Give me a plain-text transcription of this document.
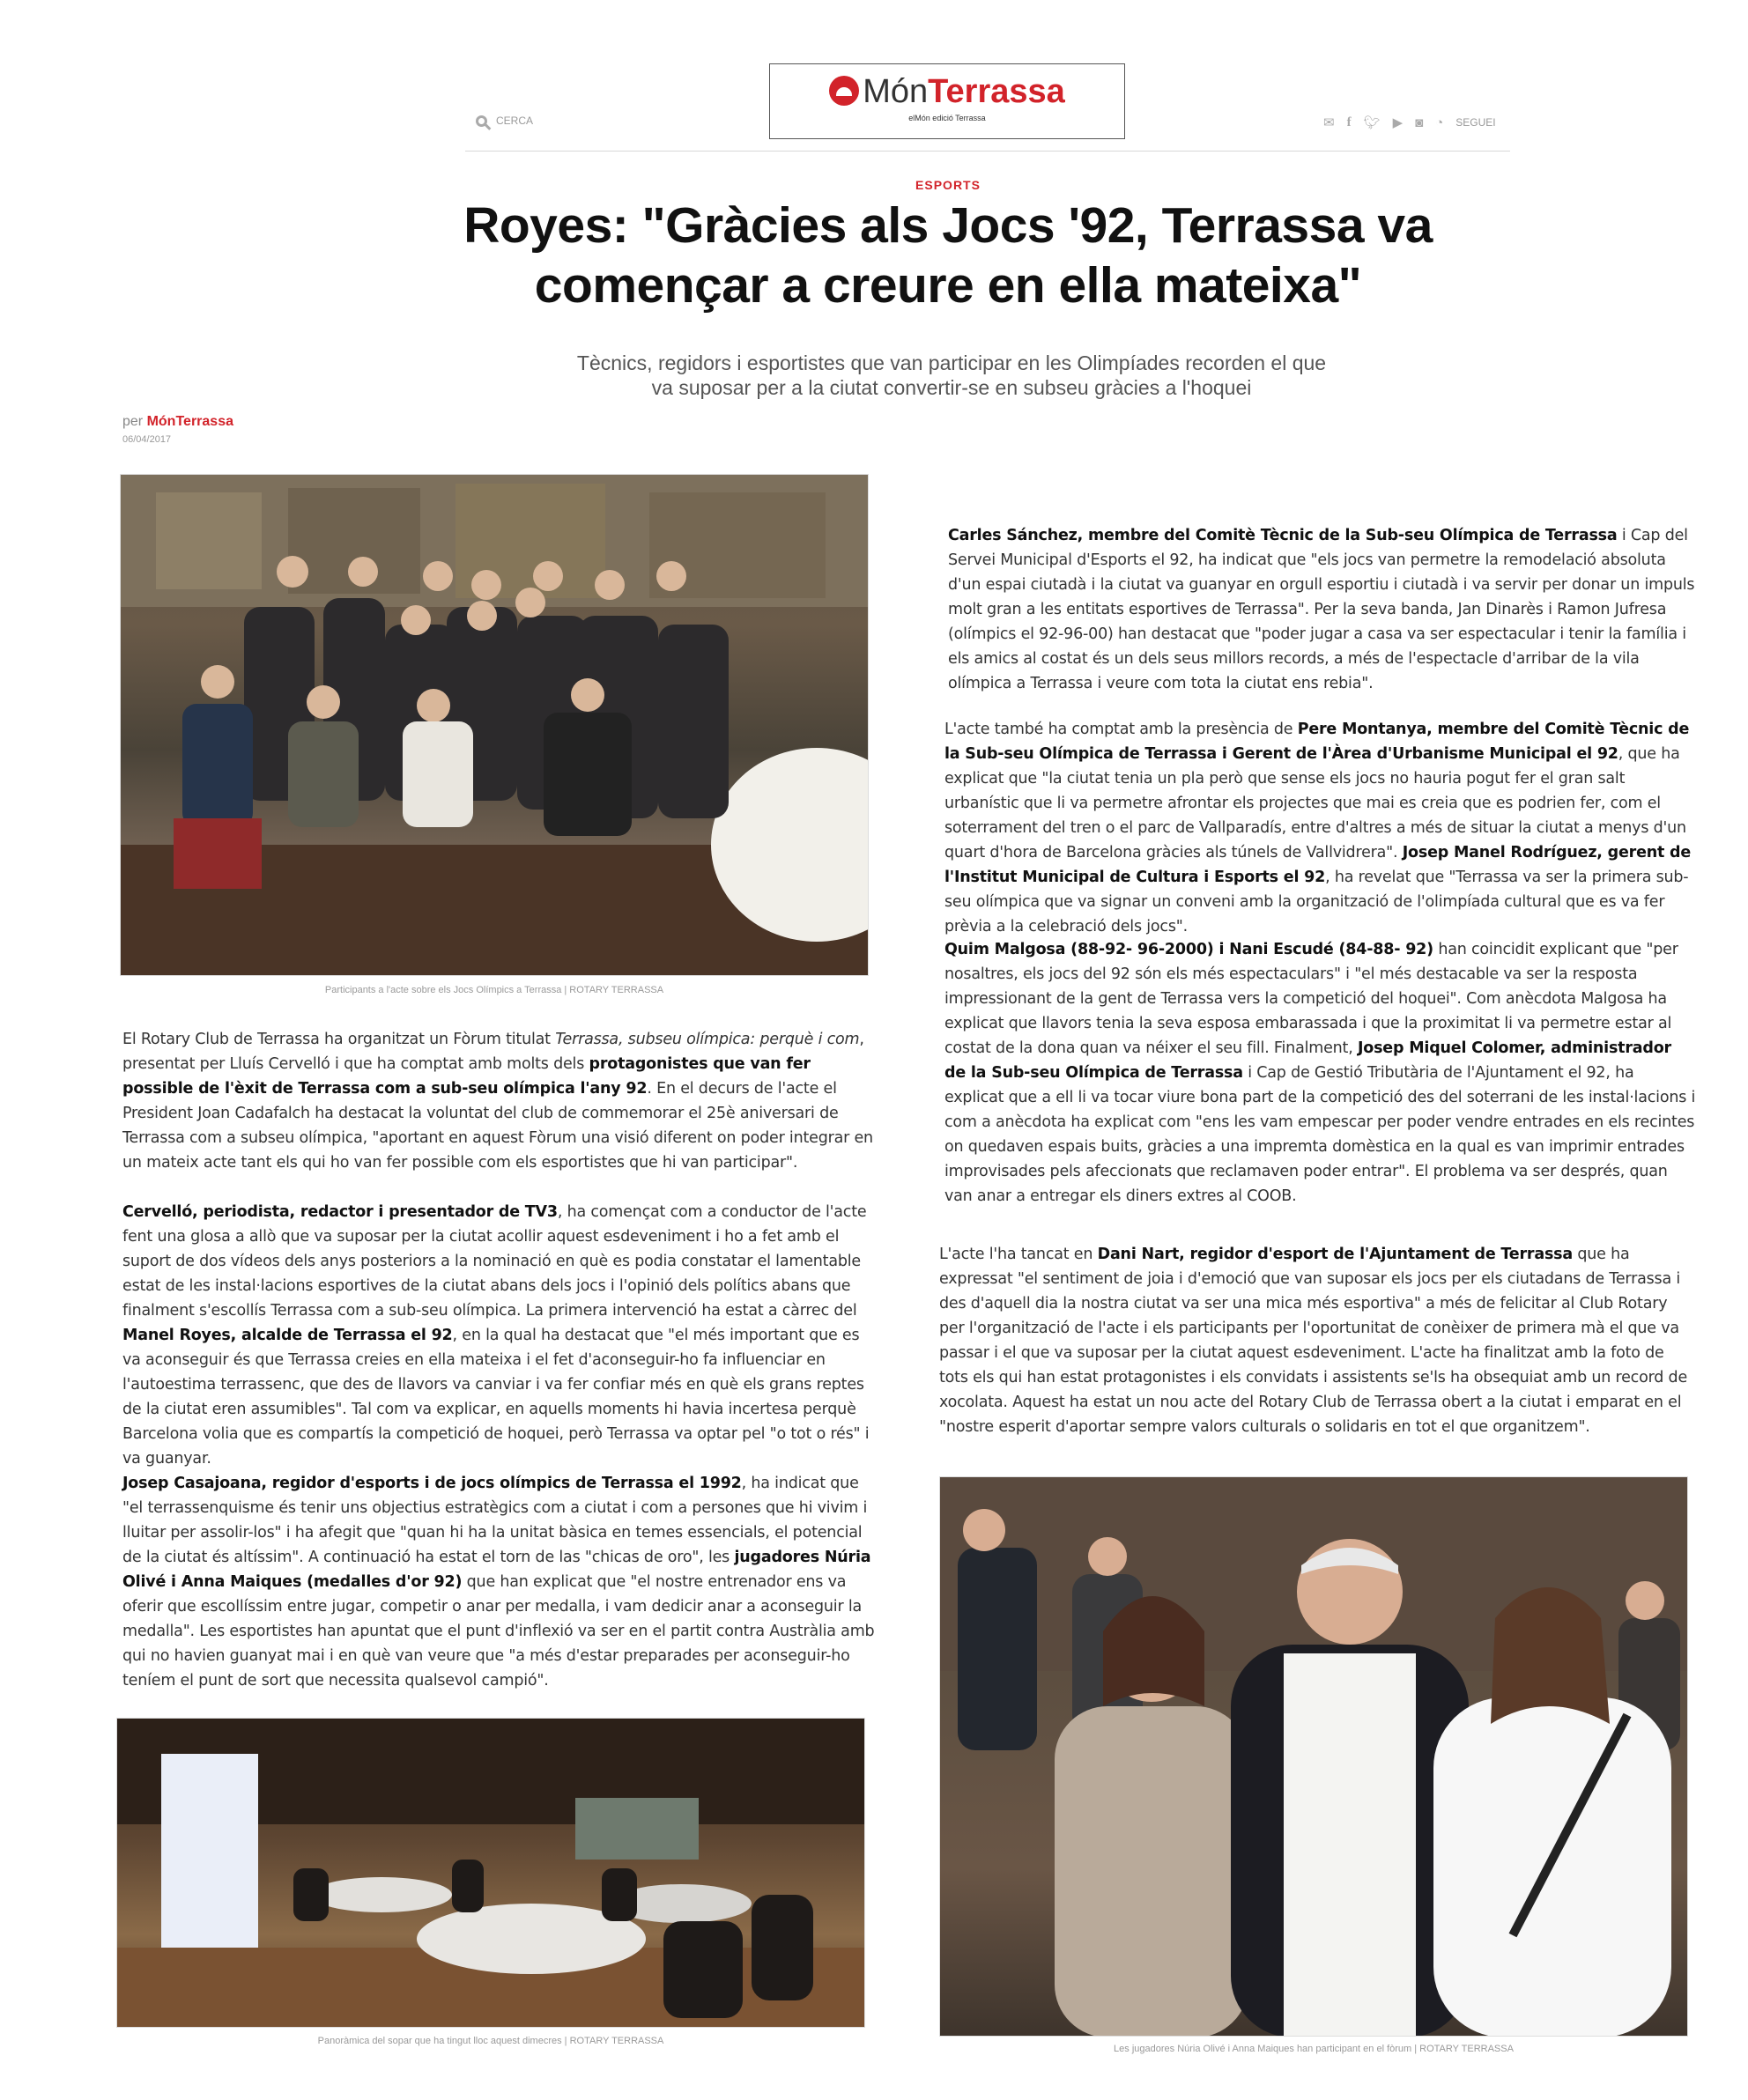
MónTerrassa
elMón edició Terrassa
CERCA	✉ f 🐦︎ ▶ ◙ ◔ SEGUEI
ESPORTS
Royes: "Gràcies als Jocs '92, Terrassa va començar a creure en ella mateixa"
Tècnics, regidors i esportistes que van participar en les Olimpíades recorden el que va suposar per a la ciutat convertir-se en subseu gràcies a l'hoquei
per MónTerrassa
06/04/2017
Participants a l'acte sobre els Jocs Olímpics a Terrassa | ROTARY TERRASSA
El Rotary Club de Terrassa ha organitzat un Fòrum titulat Terrassa, subseu olímpica: perquè i com, presentat per Lluís Cervelló i que ha comptat amb molts dels protagonistes que van fer possible de l'èxit de Terrassa com a sub-seu olímpica l'any 92. En el decurs de l'acte el President Joan Cadafalch ha destacat la voluntat del club de commemorar el 25è aniversari de Terrassa com a subseu olímpica, "aportant en aquest Fòrum una visió diferent on poder integrar en un mateix acte tant els qui ho van fer possible com els esportistes que hi van participar".
Cervelló, periodista, redactor i presentador de TV3, ha començat com a conductor de l'acte fent una glosa a allò que va suposar per la ciutat acollir aquest esdeveniment i ho a fet amb el suport de dos vídeos dels anys posteriors a la nominació en què es podia constatar el lamentable estat de les instal·lacions esportives de la ciutat abans dels jocs i l'opinió dels polítics abans que finalment s'escollís Terrassa com a sub-seu olímpica. La primera intervenció ha estat a càrrec del Manel Royes, alcalde de Terrassa el 92, en la qual ha destacat que "el més important que es va aconseguir és que Terrassa creies en ella mateixa i el fet d'aconseguir-ho fa influenciar en l'autoestima terrassenc, que des de llavors va canviar i va fer confiar més en què els grans reptes de la ciutat eren assumibles". Tal com va explicar, en aquells moments hi havia incertesa perquè Barcelona volia que es compartís la competició de hoquei, però Terrassa va optar pel "o tot o rés" i va guanyar.
Josep Casajoana, regidor d'esports i de jocs olímpics de Terrassa el 1992, ha indicat que "el terrassenquisme és tenir uns objectius estratègics com a ciutat i com a persones que hi vivim i lluitar per assolir-los" i ha afegit que "quan hi ha la unitat bàsica en temes essencials, el potencial de la ciutat és altíssim". A continuació ha estat el torn de las "chicas de oro", les jugadores Núria Olivé i Anna Maiques (medalles d'or 92) que han explicat que "el nostre entrenador ens va oferir que escollíssim entre jugar, competir o anar per medalla, i vam dedicir anar a aconseguir la medalla". Les esportistes han apuntat que el punt d'inflexió va ser en el partit contra Austràlia amb qui no havien guanyat mai i en què van veure que "a més d'estar preparades per aconseguir-ho teníem el punt de sort que necessita qualsevol campió".
Panoràmica del sopar que ha tingut lloc aquest dimecres | ROTARY TERRASSA
Carles Sánchez, membre del Comitè Tècnic de la Sub-seu Olímpica de Terrassa i Cap del Servei Municipal d'Esports el 92, ha indicat que "els jocs van permetre la remodelació absoluta d'un espai ciutadà i la ciutat va guanyar en orgull esportiu i ciutadà i va servir per donar un impuls molt gran a les entitats esportives de Terrassa". Per la seva banda, Jan Dinarès i Ramon Jufresa (olímpics el 92-96-00) han destacat que "poder jugar a casa va ser espectacular i tenir la família i els amics al costat és un dels seus millors records, a més de l'espectacle d'arribar de la vila olímpica a Terrassa i veure com tota la ciutat ens rebia".
L'acte també ha comptat amb la presència de Pere Montanya, membre del Comitè Tècnic de la Sub-seu Olímpica de Terrassa i Gerent de l'Àrea d'Urbanisme Municipal el 92, que ha explicat que "la ciutat tenia un pla però que sense els jocs no hauria pogut fer el gran salt urbanístic que li va permetre afrontar els projectes que mai es creia que es podrien fer, com el soterrament del tren o el parc de Vallparadís, entre d'altres a més de situar la ciutat a menys d'un quart d'hora de Barcelona gràcies als túnels de Vallvidrera". Josep Manel Rodríguez, gerent de l'Institut Municipal de Cultura i Esports el 92, ha revelat que "Terrassa va ser la primera sub-seu olímpica que va signar un conveni amb la organització de l'olimpíada cultural que es va fer prèvia a la celebració dels jocs".
Quim Malgosa (88-92- 96-2000) i Nani Escudé (84-88- 92) han coincidit explicant que "per nosaltres, els jocs del 92 són els més espectaculars" i "el més destacable va ser la resposta impressionant de la gent de Terrassa vers la competició del hoquei". Com anècdota Malgosa ha explicat que llavors tenia la seva esposa embarassada i que la proximitat li va permetre estar al costat de la dona quan va néixer el seu fill. Finalment, Josep Miquel Colomer, administrador de la Sub-seu Olímpica de Terrassa i Cap de Gestió Tributària de l'Ajuntament el 92, ha explicat que a ell li va tocar viure bona part de la competició des del soterrani de les instal·lacions i com a anècdota ha explicat com "ens les vam empescar per poder vendre entrades en els recintes on quedaven espais buits, gràcies a una impremta domèstica en la qual es van imprimir entrades improvisades pels afeccionats que reclamaven poder entrar". El problema va ser després, quan van anar a entregar els diners extres al COOB.
L'acte l'ha tancat en Dani Nart, regidor d'esport de l'Ajuntament de Terrassa que ha expressat "el sentiment de joia i d'emoció que van suposar els jocs per els ciutadans de Terrassa i des d'aquell dia la nostra ciutat va ser una mica més esportiva" a més de felicitar al Club Rotary per l'organització de l'acte i els participants per l'oportunitat de conèixer de primera mà el que va passar i el que va suposar per la ciutat aquest esdeveniment. L'acte ha finalitzat amb la foto de tots els qui han estat protagonistes i els convidats i assistents se'ls ha obsequiat amb un record de xocolata. Aquest ha estat un nou acte del Rotary Club de Terrassa obert a la ciutat i emparat en el "nostre esperit d'aportar sempre valors culturals o solidaris en tot el que organitzem".
Les jugadores Núria Olivé i Anna Maiques han participant en el fòrum | ROTARY TERRASSA
